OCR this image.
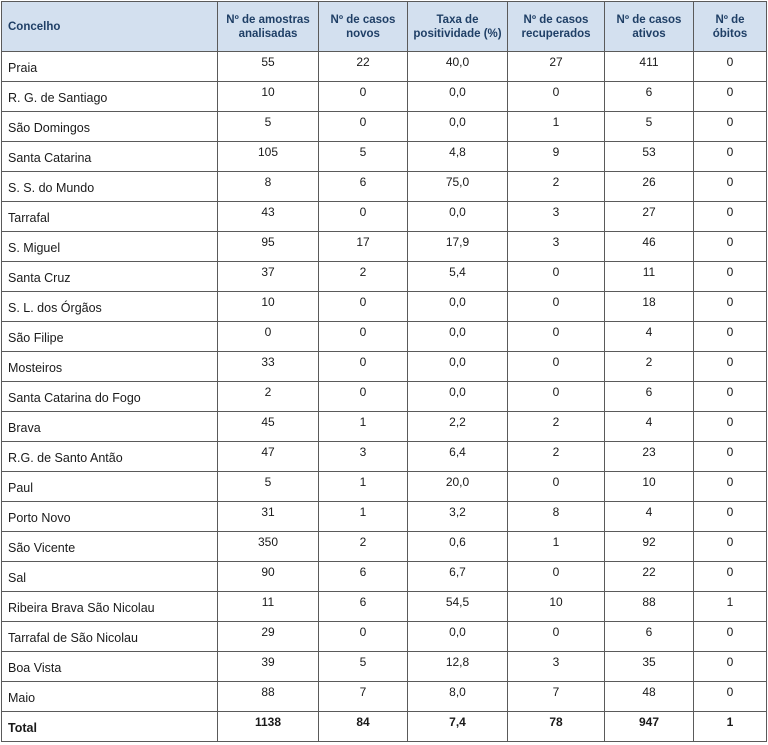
Concelho	Nº de amostras analisadas	Nº de casos novos	Taxa de positividade (%)	Nº de casos recuperados	Nº de casos ativos	Nº de óbitos
Praia	55	22	40,0	27	411	0
R. G. de Santiago	10	0	0,0	0	6	0
São Domingos	5	0	0,0	1	5	0
Santa Catarina	105	5	4,8	9	53	0
S. S. do Mundo	8	6	75,0	2	26	0
Tarrafal	43	0	0,0	3	27	0
S. Miguel	95	17	17,9	3	46	0
Santa Cruz	37	2	5,4	0	11	0
S. L. dos Órgãos	10	0	0,0	0	18	0
São Filipe	0	0	0,0	0	4	0
Mosteiros	33	0	0,0	0	2	0
Santa Catarina do Fogo	2	0	0,0	0	6	0
Brava	45	1	2,2	2	4	0
R.G. de Santo Antão	47	3	6,4	2	23	0
Paul	5	1	20,0	0	10	0
Porto Novo	31	1	3,2	8	4	0
São Vicente	350	2	0,6	1	92	0
Sal	90	6	6,7	0	22	0
Ribeira Brava São Nicolau	11	6	54,5	10	88	1
Tarrafal de São Nicolau	29	0	0,0	0	6	0
Boa Vista	39	5	12,8	3	35	0
Maio	88	7	8,0	7	48	0
Total	1138	84	7,4	78	947	1
